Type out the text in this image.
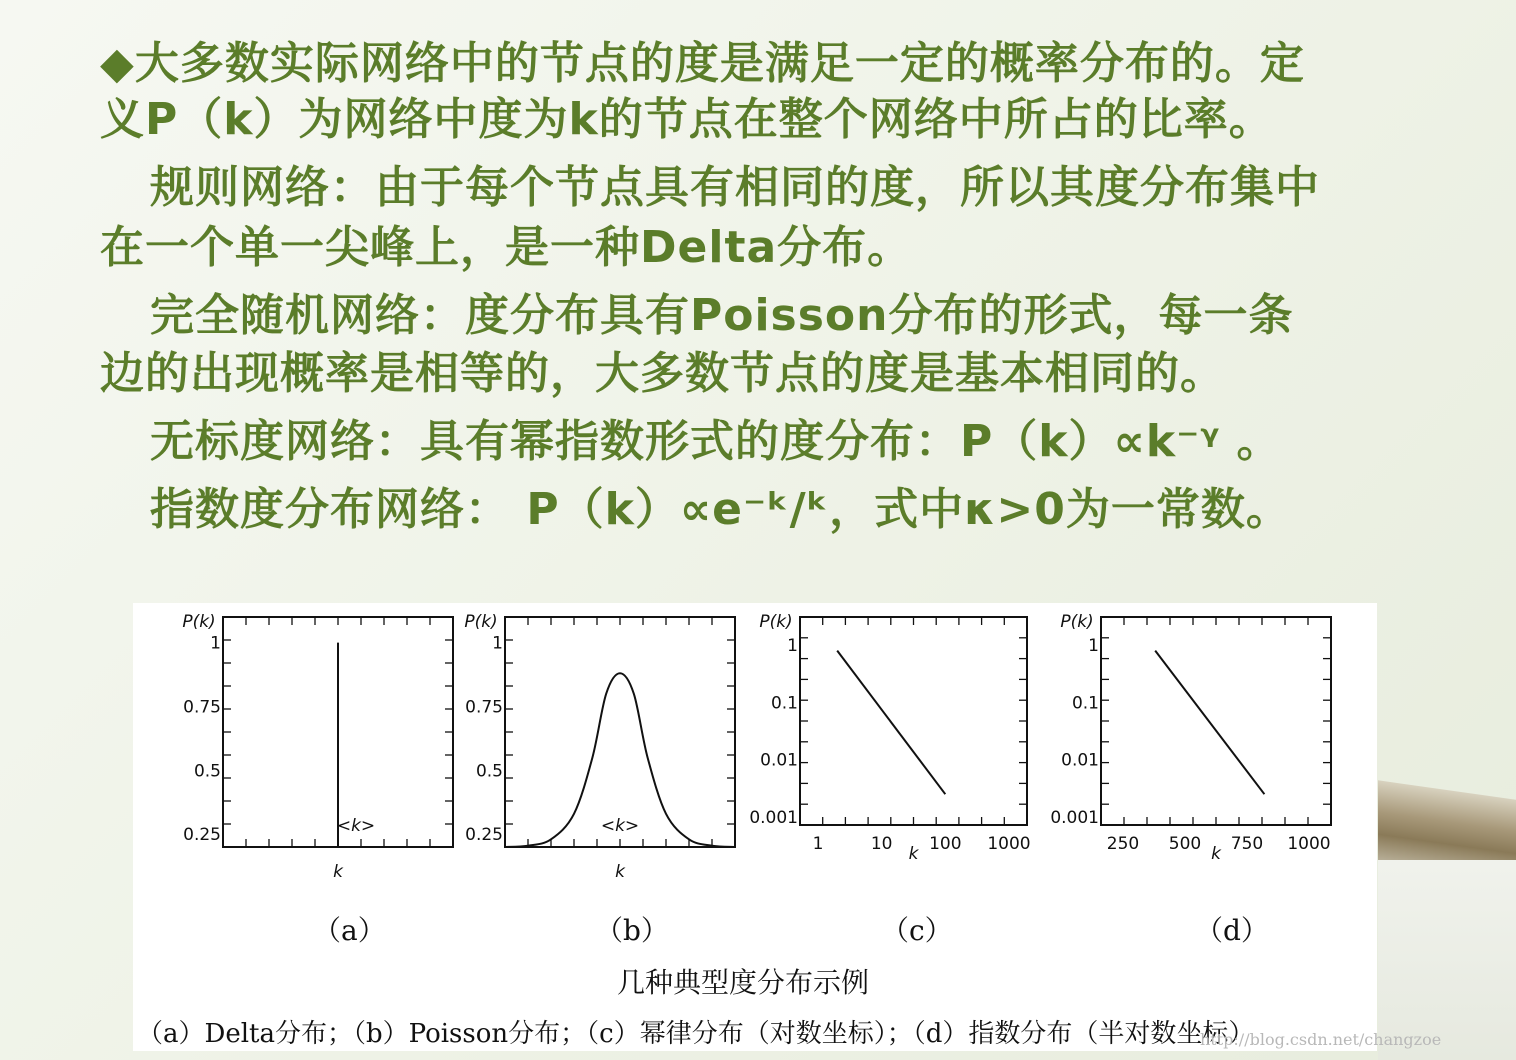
◆大多数实际网络中的节点的度是满足一定的概率分布的。定
义P（k）为网络中度为k的节点在整个网络中所占的比率。
规则网络：由于每个节点具有相同的度，所以其度分布集中
在一个单一尖峰上，是一种Delta分布。
完全随机网络：度分布具有Poisson分布的形式，每一条
边的出现概率是相等的，大多数节点的度是基本相同的。
无标度网络：具有幂指数形式的度分布：P（k）∝k⁻ᵞ 。
指数度分布网络： P（k）∝e⁻ᵏ/ᵏ，式中κ>0为一常数。
P(k)
0.25
0.5
0.75
1
k
<k>
P(k)
0.25
0.5
0.75
1
k
<k>
P(k)
0.001
0.01
0.1
1
1	10 100 1000
k
P(k)
0.001
0.01
0.1
1
250 500 750 1000
k
（a）	（b）	（c）	（d）
几种典型度分布示例
（a）Delta分布；（b）Poisson分布；（c）幂律分布（对数坐标）；（d）指数分布（半对数坐标）
http://blog.csdn.net/changzoe
